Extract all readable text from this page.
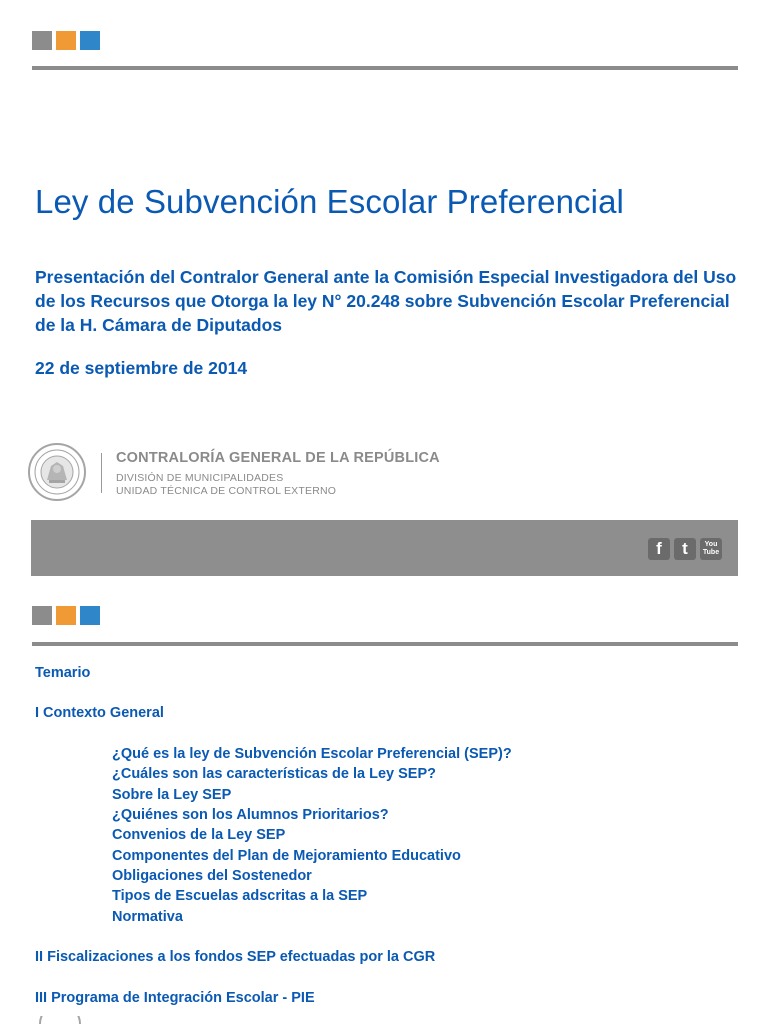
Ley de Subvención Escolar Preferencial

Presentación del Contralor General ante la Comisión Especial Investigadora del Uso de los Recursos que Otorga la ley N° 20.248 sobre Subvención Escolar Preferencial de la H. Cámara de Diputados

22 de septiembre de 2014

CONTRALORÍA GENERAL DE LA REPÚBLICA
DIVISIÓN DE MUNICIPALIDADES
UNIDAD TÉCNICA DE CONTROL EXTERNO
f t You
Tube

Temario

I Contexto General

¿Qué es la ley de Subvención Escolar Preferencial (SEP)?

¿Cuáles son las características de la Ley SEP?

Sobre la Ley SEP

¿Quiénes son los Alumnos Prioritarios?

Convenios de la Ley SEP

Componentes del Plan de Mejoramiento Educativo

Obligaciones del Sostenedor

Tipos de Escuelas adscritas a la SEP

Normativa

II Fiscalizaciones a los fondos SEP efectuadas por la CGR

III Programa de Integración Escolar - PIE
